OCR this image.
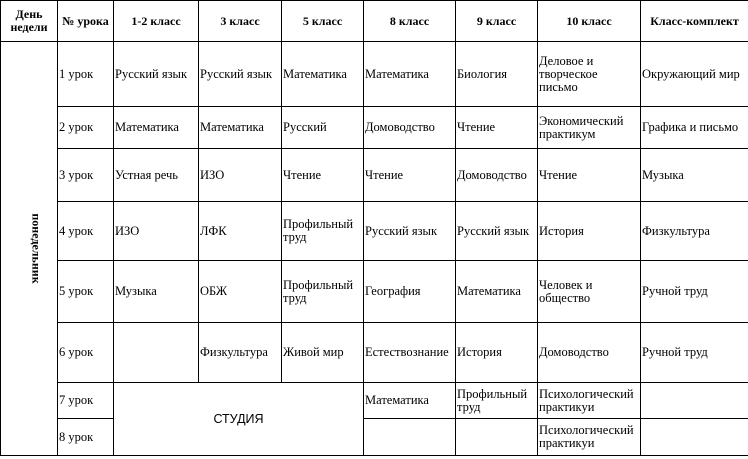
День недели	№ урока	1-2 класс	3 класс	5 класс	8 класс	9 класс	10 класс	Класс-комплект
понедельник	1 урок	Русский язык	Русский язык	Математика	Математика	Биология	Деловое и творческое письмо	Окружающий мир
	2 урок	Математика	Математика	Русский	Домоводство	Чтение	Экономический практикум	Графика и письмо
	3 урок	Устная речь	ИЗО	Чтение	Чтение	Домоводство	Чтение	Музыка
	4 урок	ИЗО	ЛФК	Профильный труд	Русский язык	Русский язык	История	Физкультура
	5 урок	Музыка	ОБЖ	Профильный труд	География	Математика	Человек и общество	Ручной труд
	6 урок		Физкультура	Живой мир	Естествознание	История	Домоводство	Ручной труд
	7 урок	СТУДИЯ			Математика	Профильный труд	Психологический практикуи	
	8 урок						Психологический практикуи	
